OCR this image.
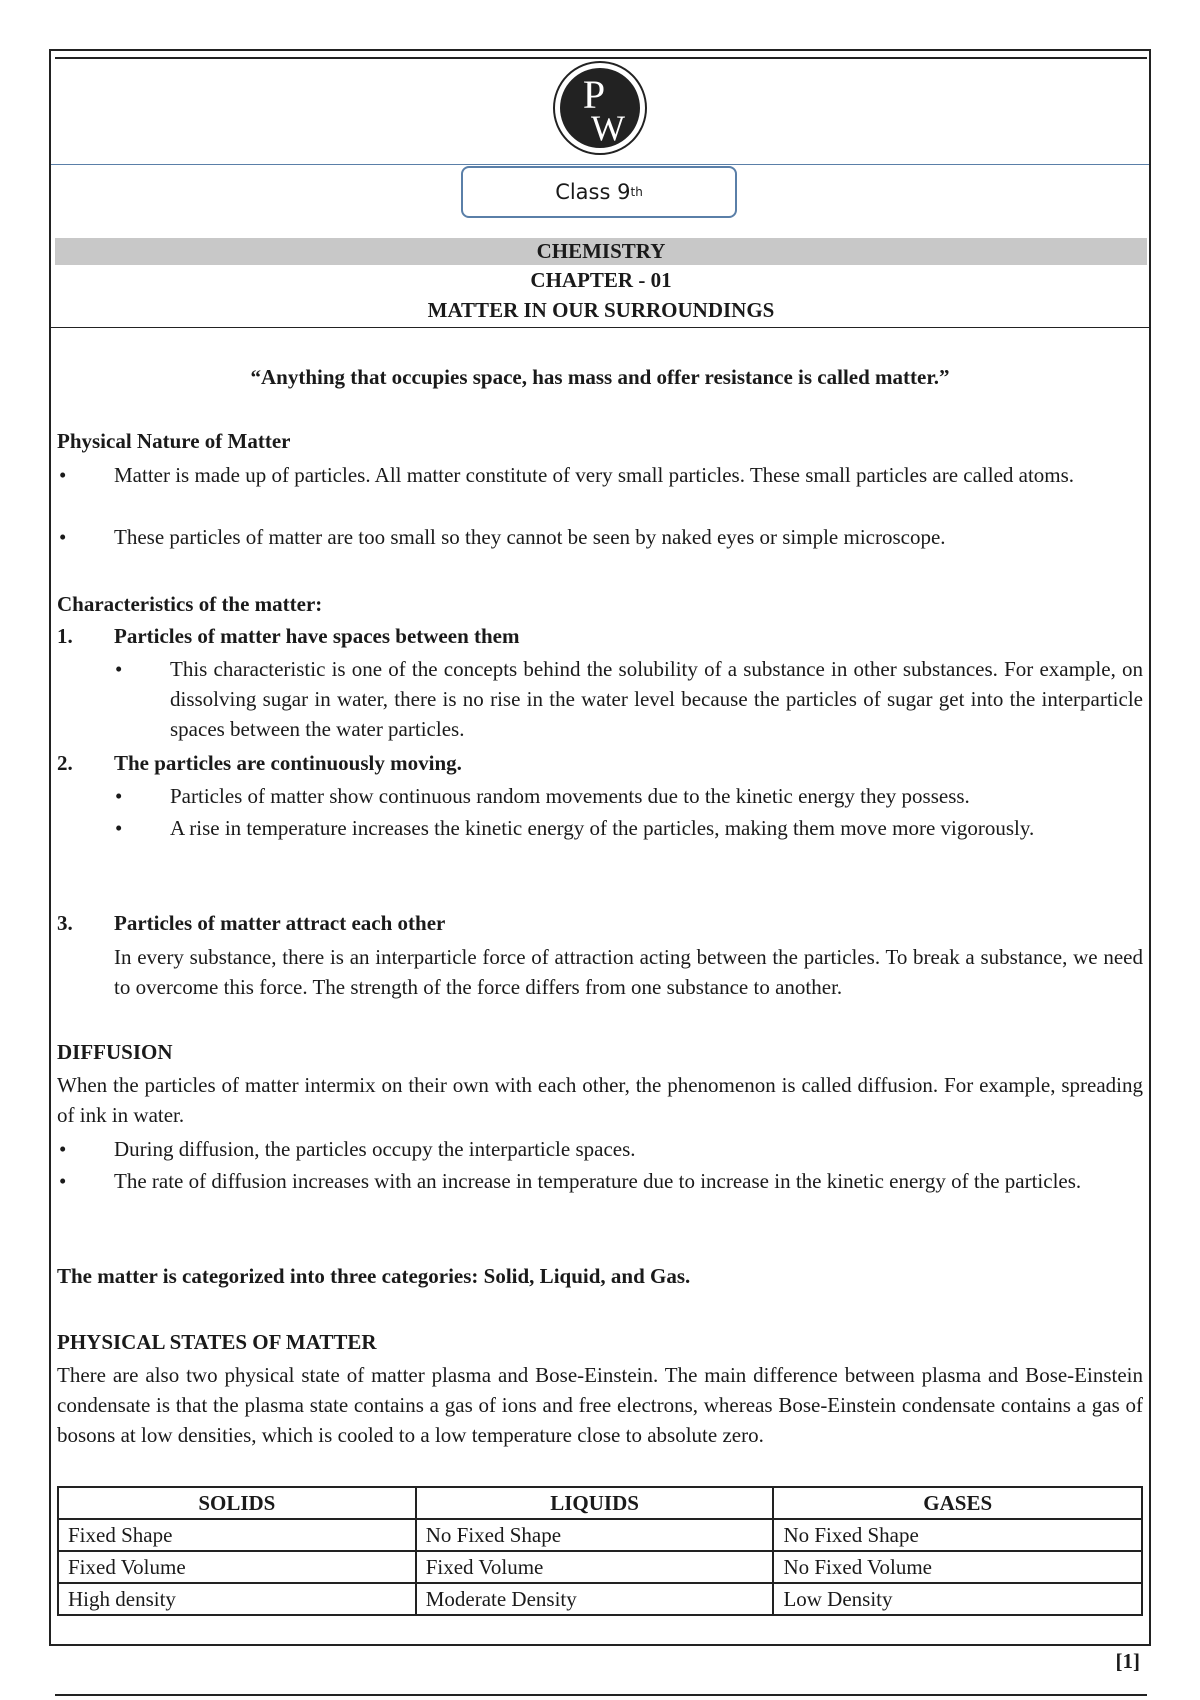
P
W
Class 9 th
CHEMISTRY
CHAPTER - 01
MATTER IN OUR SURROUNDINGS
“Anything that occupies space, has mass and offer resistance is called matter.”
Physical Nature of Matter
• Matter is made up of particles. All matter constitute of very small particles. These small particles are called atoms.
• These particles of matter are too small so they cannot be seen by naked eyes or simple microscope.
Characteristics of the matter:
1. Particles of matter have spaces between them
• This characteristic is one of the concepts behind the solubility of a substance in other substances. For example, on dissolving sugar in water, there is no rise in the water level because the particles of sugar get into the interparticle spaces between the water particles.
2. The particles are continuously moving.
• Particles of matter show continuous random movements due to the kinetic energy they possess.
• A rise in temperature increases the kinetic energy of the particles, making them move more vigorously.
3. Particles of matter attract each other
In every substance, there is an interparticle force of attraction acting between the particles. To break a substance, we need to overcome this force. The strength of the force differs from one substance to another.
DIFFUSION
When the particles of matter intermix on their own with each other, the phenomenon is called diffusion. For example, spreading of ink in water.
• During diffusion, the particles occupy the interparticle spaces.
• The rate of diffusion increases with an increase in temperature due to increase in the kinetic energy of the particles.
The matter is categorized into three categories: Solid, Liquid, and Gas.
PHYSICAL STATES OF MATTER
There are also two physical state of matter plasma and Bose-Einstein. The main difference between plasma and Bose-Einstein condensate is that the plasma state contains a gas of ions and free electrons, whereas Bose-Einstein condensate contains a gas of bosons at low densities, which is cooled to a low temperature close to absolute zero.
SOLIDS	LIQUIDS	GASES
Fixed Shape	No Fixed Shape	No Fixed Shape
Fixed Volume	Fixed Volume	No Fixed Volume
High density	Moderate Density	Low Density
[1]
